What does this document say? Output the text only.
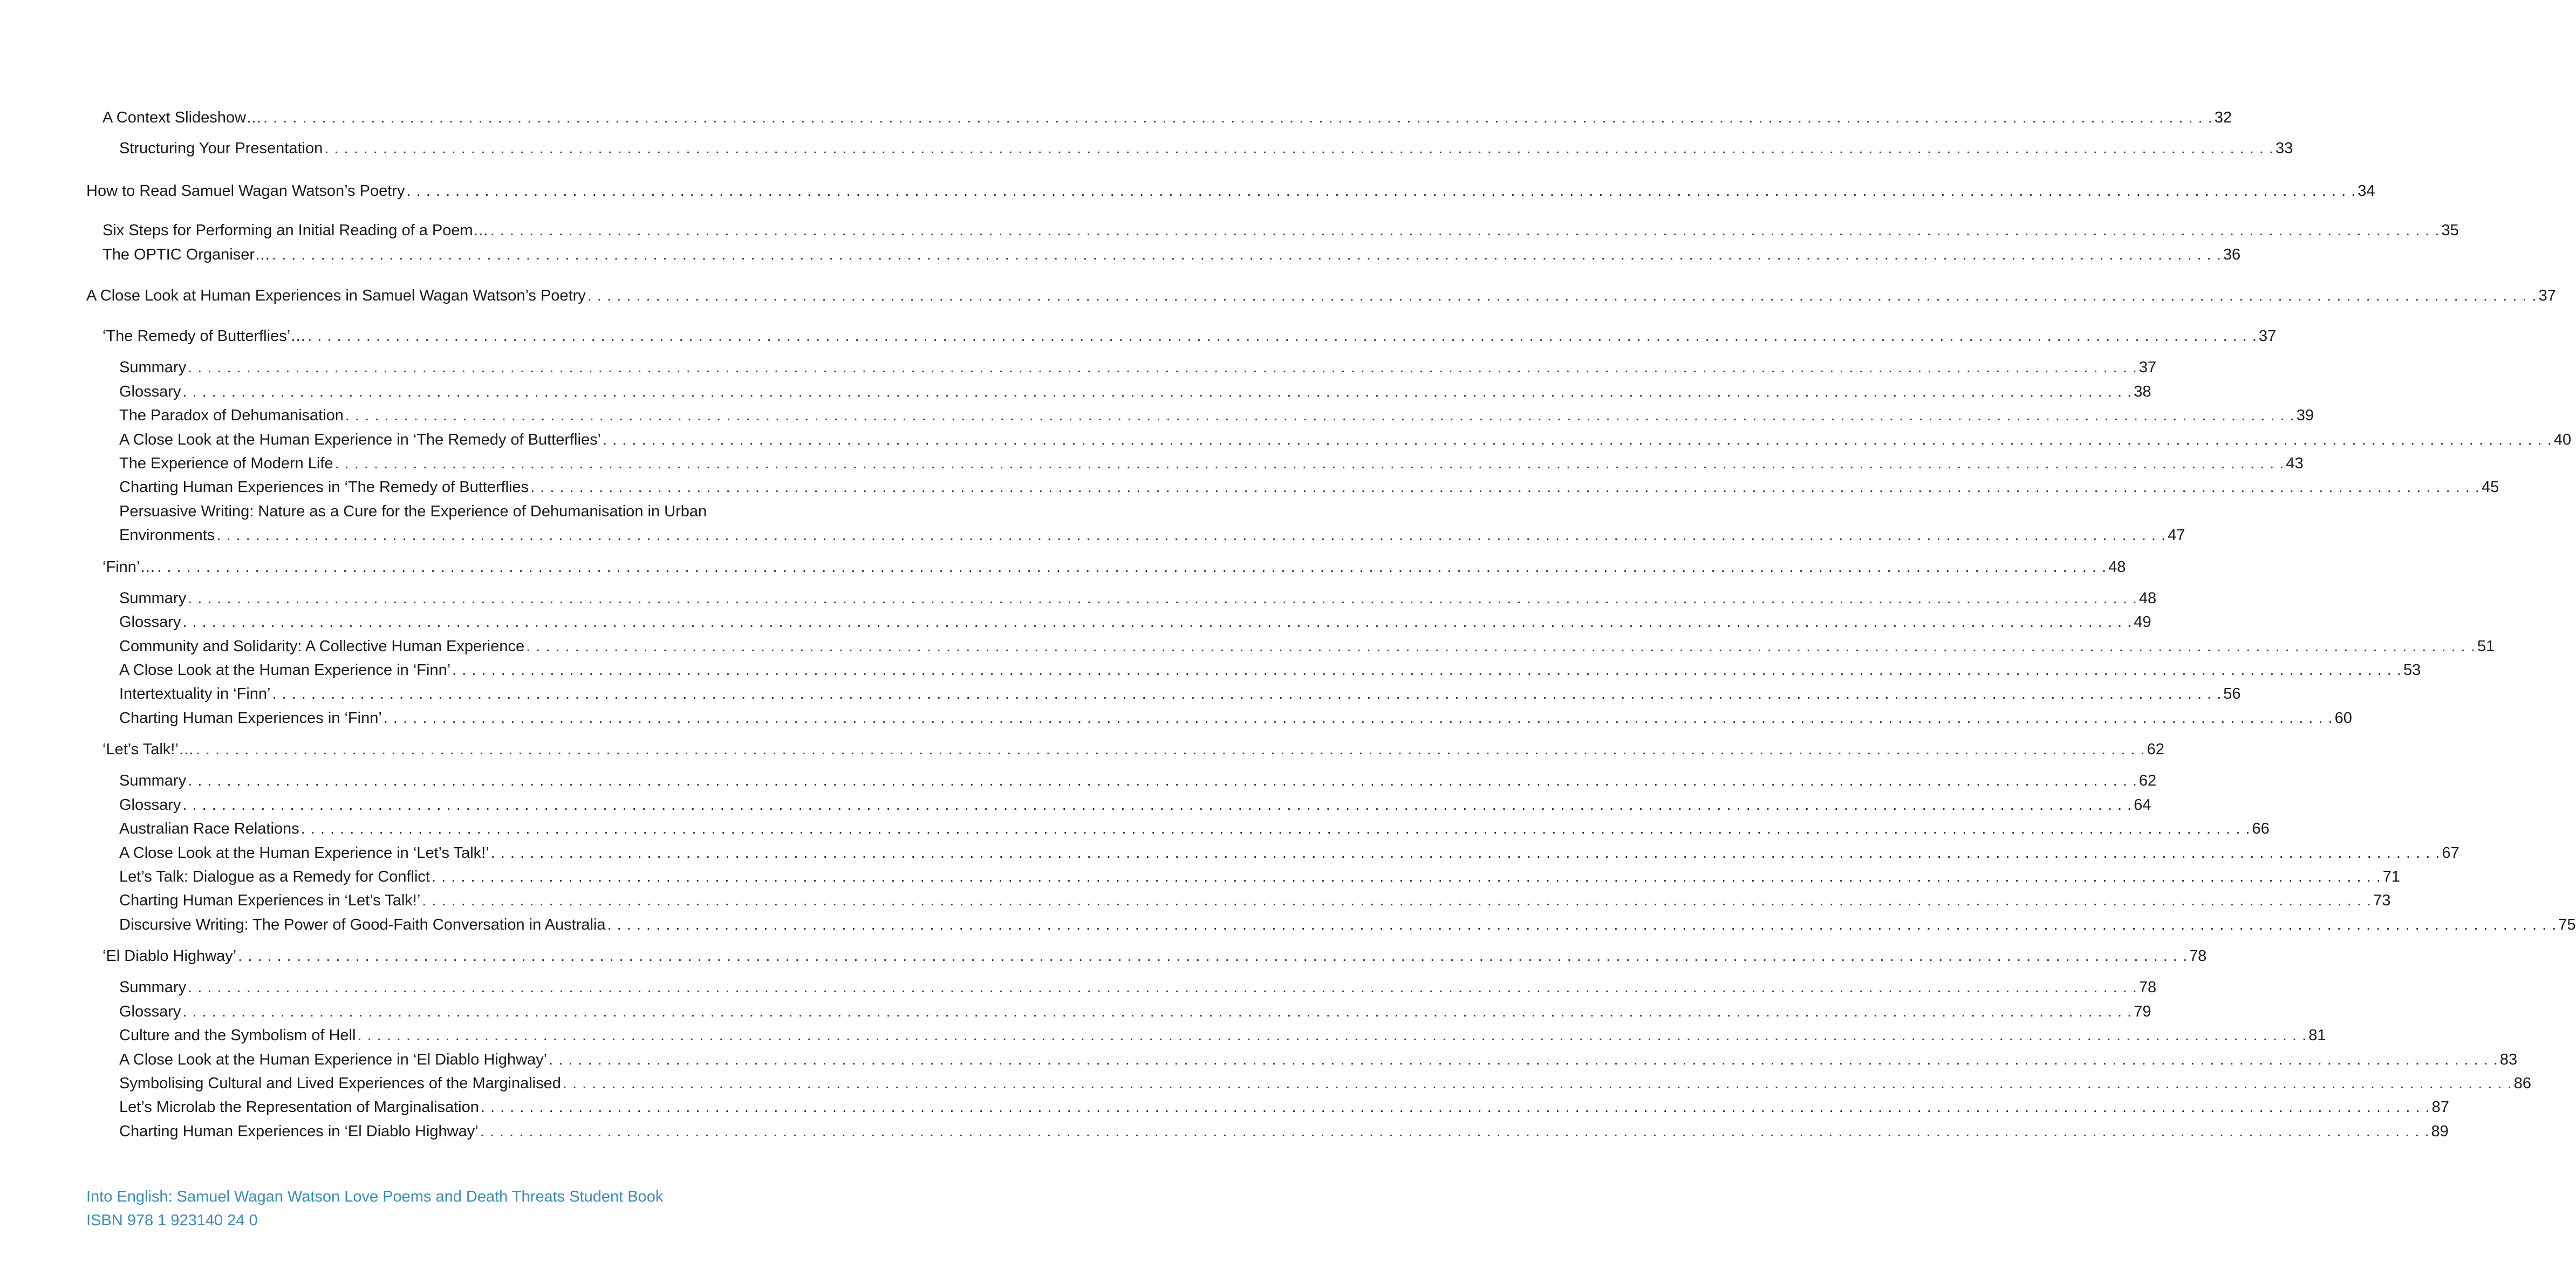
A Context Slideshow… . . . . . . . . . . . . . . . . . . . . . . . . . . . . . . . . . . . . . . . . . . . . . . . . . . . . . . . . . . . . . . . . . . . . . . . . . . . . . . . . . . . . . . . . . . . . . . . . . . . . . . . . . . . . . . . . . . . . . . . . . . . . . . . . . . . . . . . . . . . . . . . . . . . . . . . . . . . . . . . . . . . . . . . . . . . . . . . . . . . . . . . . . . . . . . . . . . . . . . . . 32
Structuring Your Presentation . . . . . . . . . . . . . . . . . . . . . . . . . . . . . . . . . . . . . . . . . . . . . . . . . . . . . . . . . . . . . . . . . . . . . . . . . . . . . . . . . . . . . . . . . . . . . . . . . . . . . . . . . . . . . . . . . . . . . . . . . . . . . . . . . . . . . . . . . . . . . . . . . . . . . . . . . . . . . . . . . . . . . . . . . . . . . . . . . . . . . . . . . . . . . . . . . . . . . . . . 33
How to Read Samuel Wagan Watson’s Poetry . . . . . . . . . . . . . . . . . . . . . . . . . . . . . . . . . . . . . . . . . . . . . . . . . . . . . . . . . . . . . . . . . . . . . . . . . . . . . . . . . . . . . . . . . . . . . . . . . . . . . . . . . . . . . . . . . . . . . . . . . . . . . . . . . . . . . . . . . . . . . . . . . . . . . . . . . . . . . . . . . . . . . . . . . . . . . . . . . . . . . . . . . . . . . . . . . . . . . . . . 34
Six Steps for Performing an Initial Reading of a Poem… . . . . . . . . . . . . . . . . . . . . . . . . . . . . . . . . . . . . . . . . . . . . . . . . . . . . . . . . . . . . . . . . . . . . . . . . . . . . . . . . . . . . . . . . . . . . . . . . . . . . . . . . . . . . . . . . . . . . . . . . . . . . . . . . . . . . . . . . . . . . . . . . . . . . . . . . . . . . . . . . . . . . . . . . . . . . . . . . . . . . . . . . . . . . . . . . . . . . . . . . 35
The OPTIC Organiser… . . . . . . . . . . . . . . . . . . . . . . . . . . . . . . . . . . . . . . . . . . . . . . . . . . . . . . . . . . . . . . . . . . . . . . . . . . . . . . . . . . . . . . . . . . . . . . . . . . . . . . . . . . . . . . . . . . . . . . . . . . . . . . . . . . . . . . . . . . . . . . . . . . . . . . . . . . . . . . . . . . . . . . . . . . . . . . . . . . . . . . . . . . . . . . . . . . . . . . . . 36
A Close Look at Human Experiences in Samuel Wagan Watson’s Poetry . . . . . . . . . . . . . . . . . . . . . . . . . . . . . . . . . . . . . . . . . . . . . . . . . . . . . . . . . . . . . . . . . . . . . . . . . . . . . . . . . . . . . . . . . . . . . . . . . . . . . . . . . . . . . . . . . . . . . . . . . . . . . . . . . . . . . . . . . . . . . . . . . . . . . . . . . . . . . . . . . . . . . . . . . . . . . . . . . . . . . . . . . . . . . . . . . . . . . . . . 37
‘The Remedy of Butterflies’… . . . . . . . . . . . . . . . . . . . . . . . . . . . . . . . . . . . . . . . . . . . . . . . . . . . . . . . . . . . . . . . . . . . . . . . . . . . . . . . . . . . . . . . . . . . . . . . . . . . . . . . . . . . . . . . . . . . . . . . . . . . . . . . . . . . . . . . . . . . . . . . . . . . . . . . . . . . . . . . . . . . . . . . . . . . . . . . . . . . . . . . . . . . . . . . . . . . . . . . . 37
Summary . . . . . . . . . . . . . . . . . . . . . . . . . . . . . . . . . . . . . . . . . . . . . . . . . . . . . . . . . . . . . . . . . . . . . . . . . . . . . . . . . . . . . . . . . . . . . . . . . . . . . . . . . . . . . . . . . . . . . . . . . . . . . . . . . . . . . . . . . . . . . . . . . . . . . . . . . . . . . . . . . . . . . . . . . . . . . . . . . . . . . . . . . . . . . . . . . . . . . . . . 37
Glossary . . . . . . . . . . . . . . . . . . . . . . . . . . . . . . . . . . . . . . . . . . . . . . . . . . . . . . . . . . . . . . . . . . . . . . . . . . . . . . . . . . . . . . . . . . . . . . . . . . . . . . . . . . . . . . . . . . . . . . . . . . . . . . . . . . . . . . . . . . . . . . . . . . . . . . . . . . . . . . . . . . . . . . . . . . . . . . . . . . . . . . . . . . . . . . . . . . . . . . . . 38
The Paradox of Dehumanisation . . . . . . . . . . . . . . . . . . . . . . . . . . . . . . . . . . . . . . . . . . . . . . . . . . . . . . . . . . . . . . . . . . . . . . . . . . . . . . . . . . . . . . . . . . . . . . . . . . . . . . . . . . . . . . . . . . . . . . . . . . . . . . . . . . . . . . . . . . . . . . . . . . . . . . . . . . . . . . . . . . . . . . . . . . . . . . . . . . . . . . . . . . . . . . . . . . . . . . . . 39
A Close Look at the Human Experience in ‘The Remedy of Butterflies’ . . . . . . . . . . . . . . . . . . . . . . . . . . . . . . . . . . . . . . . . . . . . . . . . . . . . . . . . . . . . . . . . . . . . . . . . . . . . . . . . . . . . . . . . . . . . . . . . . . . . . . . . . . . . . . . . . . . . . . . . . . . . . . . . . . . . . . . . . . . . . . . . . . . . . . . . . . . . . . . . . . . . . . . . . . . . . . . . . . . . . . . . . . . . . . . . . . . . . . . . 40
The Experience of Modern Life . . . . . . . . . . . . . . . . . . . . . . . . . . . . . . . . . . . . . . . . . . . . . . . . . . . . . . . . . . . . . . . . . . . . . . . . . . . . . . . . . . . . . . . . . . . . . . . . . . . . . . . . . . . . . . . . . . . . . . . . . . . . . . . . . . . . . . . . . . . . . . . . . . . . . . . . . . . . . . . . . . . . . . . . . . . . . . . . . . . . . . . . . . . . . . . . . . . . . . . . 43
Charting Human Experiences in ‘The Remedy of Butterflies . . . . . . . . . . . . . . . . . . . . . . . . . . . . . . . . . . . . . . . . . . . . . . . . . . . . . . . . . . . . . . . . . . . . . . . . . . . . . . . . . . . . . . . . . . . . . . . . . . . . . . . . . . . . . . . . . . . . . . . . . . . . . . . . . . . . . . . . . . . . . . . . . . . . . . . . . . . . . . . . . . . . . . . . . . . . . . . . . . . . . . . . . . . . . . . . . . . . . . . . 45
Persuasive Writing: Nature as a Cure for the Experience of Dehumanisation in Urban
Environments . . . . . . . . . . . . . . . . . . . . . . . . . . . . . . . . . . . . . . . . . . . . . . . . . . . . . . . . . . . . . . . . . . . . . . . . . . . . . . . . . . . . . . . . . . . . . . . . . . . . . . . . . . . . . . . . . . . . . . . . . . . . . . . . . . . . . . . . . . . . . . . . . . . . . . . . . . . . . . . . . . . . . . . . . . . . . . . . . . . . . . . . . . . . . . . . . . . . . . . . 47
‘Finn’… . . . . . . . . . . . . . . . . . . . . . . . . . . . . . . . . . . . . . . . . . . . . . . . . . . . . . . . . . . . . . . . . . . . . . . . . . . . . . . . . . . . . . . . . . . . . . . . . . . . . . . . . . . . . . . . . . . . . . . . . . . . . . . . . . . . . . . . . . . . . . . . . . . . . . . . . . . . . . . . . . . . . . . . . . . . . . . . . . . . . . . . . . . . . . . . . . . . . . . . . 48
Summary . . . . . . . . . . . . . . . . . . . . . . . . . . . . . . . . . . . . . . . . . . . . . . . . . . . . . . . . . . . . . . . . . . . . . . . . . . . . . . . . . . . . . . . . . . . . . . . . . . . . . . . . . . . . . . . . . . . . . . . . . . . . . . . . . . . . . . . . . . . . . . . . . . . . . . . . . . . . . . . . . . . . . . . . . . . . . . . . . . . . . . . . . . . . . . . . . . . . . . . . 48
Glossary . . . . . . . . . . . . . . . . . . . . . . . . . . . . . . . . . . . . . . . . . . . . . . . . . . . . . . . . . . . . . . . . . . . . . . . . . . . . . . . . . . . . . . . . . . . . . . . . . . . . . . . . . . . . . . . . . . . . . . . . . . . . . . . . . . . . . . . . . . . . . . . . . . . . . . . . . . . . . . . . . . . . . . . . . . . . . . . . . . . . . . . . . . . . . . . . . . . . . . . . 49
Community and Solidarity: A Collective Human Experience . . . . . . . . . . . . . . . . . . . . . . . . . . . . . . . . . . . . . . . . . . . . . . . . . . . . . . . . . . . . . . . . . . . . . . . . . . . . . . . . . . . . . . . . . . . . . . . . . . . . . . . . . . . . . . . . . . . . . . . . . . . . . . . . . . . . . . . . . . . . . . . . . . . . . . . . . . . . . . . . . . . . . . . . . . . . . . . . . . . . . . . . . . . . . . . . . . . . . . . . 51
A Close Look at the Human Experience in ‘Finn’ . . . . . . . . . . . . . . . . . . . . . . . . . . . . . . . . . . . . . . . . . . . . . . . . . . . . . . . . . . . . . . . . . . . . . . . . . . . . . . . . . . . . . . . . . . . . . . . . . . . . . . . . . . . . . . . . . . . . . . . . . . . . . . . . . . . . . . . . . . . . . . . . . . . . . . . . . . . . . . . . . . . . . . . . . . . . . . . . . . . . . . . . . . . . . . . . . . . . . . . . 53
Intertextuality in ‘Finn’ . . . . . . . . . . . . . . . . . . . . . . . . . . . . . . . . . . . . . . . . . . . . . . . . . . . . . . . . . . . . . . . . . . . . . . . . . . . . . . . . . . . . . . . . . . . . . . . . . . . . . . . . . . . . . . . . . . . . . . . . . . . . . . . . . . . . . . . . . . . . . . . . . . . . . . . . . . . . . . . . . . . . . . . . . . . . . . . . . . . . . . . . . . . . . . . . . . . . . . . . 56
Charting Human Experiences in ‘Finn’ . . . . . . . . . . . . . . . . . . . . . . . . . . . . . . . . . . . . . . . . . . . . . . . . . . . . . . . . . . . . . . . . . . . . . . . . . . . . . . . . . . . . . . . . . . . . . . . . . . . . . . . . . . . . . . . . . . . . . . . . . . . . . . . . . . . . . . . . . . . . . . . . . . . . . . . . . . . . . . . . . . . . . . . . . . . . . . . . . . . . . . . . . . . . . . . . . . . . . . . . 60
‘Let’s Talk!’… . . . . . . . . . . . . . . . . . . . . . . . . . . . . . . . . . . . . . . . . . . . . . . . . . . . . . . . . . . . . . . . . . . . . . . . . . . . . . . . . . . . . . . . . . . . . . . . . . . . . . . . . . . . . . . . . . . . . . . . . . . . . . . . . . . . . . . . . . . . . . . . . . . . . . . . . . . . . . . . . . . . . . . . . . . . . . . . . . . . . . . . . . . . . . . . . . . . . . . . . 62
Summary . . . . . . . . . . . . . . . . . . . . . . . . . . . . . . . . . . . . . . . . . . . . . . . . . . . . . . . . . . . . . . . . . . . . . . . . . . . . . . . . . . . . . . . . . . . . . . . . . . . . . . . . . . . . . . . . . . . . . . . . . . . . . . . . . . . . . . . . . . . . . . . . . . . . . . . . . . . . . . . . . . . . . . . . . . . . . . . . . . . . . . . . . . . . . . . . . . . . . . . . 62
Glossary . . . . . . . . . . . . . . . . . . . . . . . . . . . . . . . . . . . . . . . . . . . . . . . . . . . . . . . . . . . . . . . . . . . . . . . . . . . . . . . . . . . . . . . . . . . . . . . . . . . . . . . . . . . . . . . . . . . . . . . . . . . . . . . . . . . . . . . . . . . . . . . . . . . . . . . . . . . . . . . . . . . . . . . . . . . . . . . . . . . . . . . . . . . . . . . . . . . . . . . . 64
Australian Race Relations . . . . . . . . . . . . . . . . . . . . . . . . . . . . . . . . . . . . . . . . . . . . . . . . . . . . . . . . . . . . . . . . . . . . . . . . . . . . . . . . . . . . . . . . . . . . . . . . . . . . . . . . . . . . . . . . . . . . . . . . . . . . . . . . . . . . . . . . . . . . . . . . . . . . . . . . . . . . . . . . . . . . . . . . . . . . . . . . . . . . . . . . . . . . . . . . . . . . . . . . 66
A Close Look at the Human Experience in ‘Let’s Talk!’ . . . . . . . . . . . . . . . . . . . . . . . . . . . . . . . . . . . . . . . . . . . . . . . . . . . . . . . . . . . . . . . . . . . . . . . . . . . . . . . . . . . . . . . . . . . . . . . . . . . . . . . . . . . . . . . . . . . . . . . . . . . . . . . . . . . . . . . . . . . . . . . . . . . . . . . . . . . . . . . . . . . . . . . . . . . . . . . . . . . . . . . . . . . . . . . . . . . . . . . . 67
Let’s Talk: Dialogue as a Remedy for Conflict . . . . . . . . . . . . . . . . . . . . . . . . . . . . . . . . . . . . . . . . . . . . . . . . . . . . . . . . . . . . . . . . . . . . . . . . . . . . . . . . . . . . . . . . . . . . . . . . . . . . . . . . . . . . . . . . . . . . . . . . . . . . . . . . . . . . . . . . . . . . . . . . . . . . . . . . . . . . . . . . . . . . . . . . . . . . . . . . . . . . . . . . . . . . . . . . . . . . . . . . 71
Charting Human Experiences in ‘Let’s Talk!’ . . . . . . . . . . . . . . . . . . . . . . . . . . . . . . . . . . . . . . . . . . . . . . . . . . . . . . . . . . . . . . . . . . . . . . . . . . . . . . . . . . . . . . . . . . . . . . . . . . . . . . . . . . . . . . . . . . . . . . . . . . . . . . . . . . . . . . . . . . . . . . . . . . . . . . . . . . . . . . . . . . . . . . . . . . . . . . . . . . . . . . . . . . . . . . . . . . . . . . . . 73
Discursive Writing: The Power of Good-Faith Conversation in Australia . . . . . . . . . . . . . . . . . . . . . . . . . . . . . . . . . . . . . . . . . . . . . . . . . . . . . . . . . . . . . . . . . . . . . . . . . . . . . . . . . . . . . . . . . . . . . . . . . . . . . . . . . . . . . . . . . . . . . . . . . . . . . . . . . . . . . . . . . . . . . . . . . . . . . . . . . . . . . . . . . . . . . . . . . . . . . . . . . . . . . . . . . . . . . . . . . . . . . . . . 75
‘El Diablo Highway’ . . . . . . . . . . . . . . . . . . . . . . . . . . . . . . . . . . . . . . . . . . . . . . . . . . . . . . . . . . . . . . . . . . . . . . . . . . . . . . . . . . . . . . . . . . . . . . . . . . . . . . . . . . . . . . . . . . . . . . . . . . . . . . . . . . . . . . . . . . . . . . . . . . . . . . . . . . . . . . . . . . . . . . . . . . . . . . . . . . . . . . . . . . . . . . . . . . . . . . . . 78
Summary . . . . . . . . . . . . . . . . . . . . . . . . . . . . . . . . . . . . . . . . . . . . . . . . . . . . . . . . . . . . . . . . . . . . . . . . . . . . . . . . . . . . . . . . . . . . . . . . . . . . . . . . . . . . . . . . . . . . . . . . . . . . . . . . . . . . . . . . . . . . . . . . . . . . . . . . . . . . . . . . . . . . . . . . . . . . . . . . . . . . . . . . . . . . . . . . . . . . . . . . 78
Glossary . . . . . . . . . . . . . . . . . . . . . . . . . . . . . . . . . . . . . . . . . . . . . . . . . . . . . . . . . . . . . . . . . . . . . . . . . . . . . . . . . . . . . . . . . . . . . . . . . . . . . . . . . . . . . . . . . . . . . . . . . . . . . . . . . . . . . . . . . . . . . . . . . . . . . . . . . . . . . . . . . . . . . . . . . . . . . . . . . . . . . . . . . . . . . . . . . . . . . . . . 79
Culture and the Symbolism of Hell . . . . . . . . . . . . . . . . . . . . . . . . . . . . . . . . . . . . . . . . . . . . . . . . . . . . . . . . . . . . . . . . . . . . . . . . . . . . . . . . . . . . . . . . . . . . . . . . . . . . . . . . . . . . . . . . . . . . . . . . . . . . . . . . . . . . . . . . . . . . . . . . . . . . . . . . . . . . . . . . . . . . . . . . . . . . . . . . . . . . . . . . . . . . . . . . . . . . . . . . 81
A Close Look at the Human Experience in ‘El Diablo Highway’ . . . . . . . . . . . . . . . . . . . . . . . . . . . . . . . . . . . . . . . . . . . . . . . . . . . . . . . . . . . . . . . . . . . . . . . . . . . . . . . . . . . . . . . . . . . . . . . . . . . . . . . . . . . . . . . . . . . . . . . . . . . . . . . . . . . . . . . . . . . . . . . . . . . . . . . . . . . . . . . . . . . . . . . . . . . . . . . . . . . . . . . . . . . . . . . . . . . . . . . . 83
Symbolising Cultural and Lived Experiences of the Marginalised . . . . . . . . . . . . . . . . . . . . . . . . . . . . . . . . . . . . . . . . . . . . . . . . . . . . . . . . . . . . . . . . . . . . . . . . . . . . . . . . . . . . . . . . . . . . . . . . . . . . . . . . . . . . . . . . . . . . . . . . . . . . . . . . . . . . . . . . . . . . . . . . . . . . . . . . . . . . . . . . . . . . . . . . . . . . . . . . . . . . . . . . . . . . . . . . . . . . . . . . 86
Let’s Microlab the Representation of Marginalisation . . . . . . . . . . . . . . . . . . . . . . . . . . . . . . . . . . . . . . . . . . . . . . . . . . . . . . . . . . . . . . . . . . . . . . . . . . . . . . . . . . . . . . . . . . . . . . . . . . . . . . . . . . . . . . . . . . . . . . . . . . . . . . . . . . . . . . . . . . . . . . . . . . . . . . . . . . . . . . . . . . . . . . . . . . . . . . . . . . . . . . . . . . . . . . . . . . . . . . . . 87
Charting Human Experiences in ‘El Diablo Highway’ . . . . . . . . . . . . . . . . . . . . . . . . . . . . . . . . . . . . . . . . . . . . . . . . . . . . . . . . . . . . . . . . . . . . . . . . . . . . . . . . . . . . . . . . . . . . . . . . . . . . . . . . . . . . . . . . . . . . . . . . . . . . . . . . . . . . . . . . . . . . . . . . . . . . . . . . . . . . . . . . . . . . . . . . . . . . . . . . . . . . . . . . . . . . . . . . . . . . . . . . 89
Into English: Samuel Wagan Watson Love Poems and Death Threats Student Book
ISBN 978 1 923140 24 0
